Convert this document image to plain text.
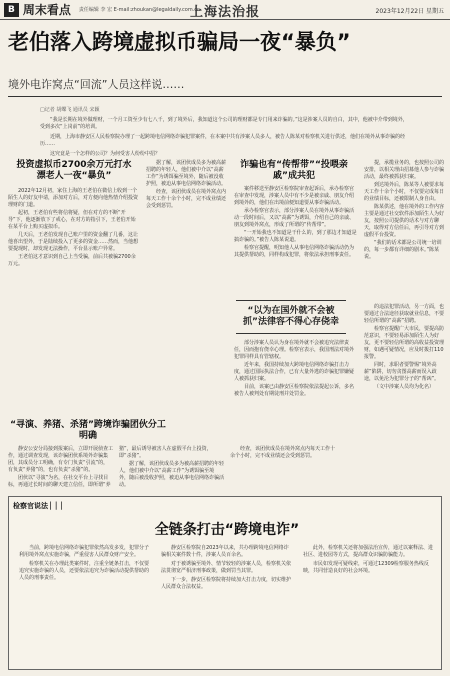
B 周末看点 责任编辑 李 宏 E-mail:zhoukan@legaldaily.com.cn
上海法治报	2023年12月22日 星期五
老伯落入跨境虚拟币骗局一夜“暴负”
境外电诈窝点“回流”人员这样说……
□记者 胡蝶飞 通讯员 宋颖

“我是长期在境外做理财，一个月工资至少有七八千，到了境外后，我知道这个公司的理财都是专门用来诈骗的。”这是涉案人员的自白，其中，他被中介带到境外，受到多次“上岗前”的培训。

近期，上海市静安区人民检察院办理了一起跨境电信网络诈骗犯罪案件，在本案中共有涉案人员多人，被告人陈某对检察机关进行供述，他们在境外从事诈骗的经历……

这究竟是一个怎样的公司？为何受害人纷纷中招？

投资虚拟币2700余万元打水漂老人一夜“暴负”

2022年12月初，家住上海的王老伯在微信上收到一个陌生人的好友申请，添加对方后，对方便向他热情介绍投资理财的门道。

起初，王老伯有些将信将疑，但在对方的不断“开导”下，他逐渐放下了戒心，在对方的指引下，王老伯开始在某平台上购买虚拟币。

几天后，王老伯发现自己账户里的资金翻了几番，这让他喜出望外，于是陆续投入了更多的资金……然而，当他想要提现时，却发现无法操作，平台显示账户异常。

王老伯这才意识到自己上当受骗，前后共被骗2700余万元。

“寻演、养猪、杀猪”跨境诈骗团伙分工明确

静安公安分局接到报案后，立即开展侦查工作，通过调查发现，该诈骗团伙系境外诈骗集团，其成员分工明确，有专门负责“引流”的，有负责“养猪”的，也有负责“杀猪”的。

团伙以“寻演”为名，在社交平台上寻找目标，再通过长时间的聊天建立信任，即所谓“养猪”，最后诱导被害人在虚假平台上投资，即“杀猪”。

据了解，该团伙成员多为被高薪招聘的年轻人，他们被中介以“高薪工作”为诱饵骗至境外，随后被没收护照，被迫从事电信网络诈骗活动。

经查，该团伙成员在境外窝点内每天工作十余个小时，完不成业绩还会受到惩罚。

据了解，该团伙成员多为被高薪招聘的年轻人，他们被中介以“高薪工作”为诱饵骗至境外，随后被没收护照，被迫从事电信网络诈骗活动。

经查，该团伙成员在境外窝点内每天工作十余个小时，完不成业绩还会受到惩罚。

诈骗也有“传帮带”“投喂亲戚”成共犯

案件移送至静安区检察院审查起诉后，承办检察官在审查中发现，涉案人员中有不少是被亲戚、朋友介绍到境外的，他们在出境前便知道要从事诈骗活动。

承办检察官表示，部分涉案人员在境外从事诈骗活动一段时间后，又以“高薪”为诱饵，介绍自己的亲戚、朋友到境外窝点，形成了所谓的“传帮带”。

“一开始我也不知道是干什么的，到了那边才知道是搞诈骗的。”被告人陈某说道。

检察官提醒，明知他人从事电信网络诈骗活动仍为其提供帮助的，同样构成犯罪，将依法承担刑事责任。

“以为在国外就不会被抓”法律容不得心存侥幸

部分涉案人员认为身在境外就不会被追究法律责任，因而抱有侥幸心理。检察官表示，我国刑法对境外犯罪同样具有管辖权。

近年来，我国持续加大跨境电信网络诈骗打击力度，通过国际执法合作，已有大量外逃的诈骗犯罪嫌疑人被抓获归案。

目前，该案已由静安区检察院依法提起公诉，多名被告人被判处有期徒刑并处罚金。

提，承揽业务的，也按照公司的安排，以相关理由招募他人参与诈骗活动，最终被抓获归案。

到达境外后，陈某等人被要求每天工作十余个小时，不仅要完成每日的业绩目标，还被限制人身自由。

陈某供述，他在境外的工作内容主要是通过社交软件添加陌生人为好友，按照公司提供的话术与对方聊天，取得对方信任后，再引导对方到虚假平台投资。

“我们的话术都是公司统一培训的，每一步都有详细的剧本。”陈某说。

的违法犯罪活动，另一方面，也要通过合法途径获取就业信息，不要轻信所谓的“高薪”招聘。

检察官提醒广大市民，要提高防范意识，不要轻易添加陌生人为好友，更不要轻信所谓的高收益投资理财，如遇可疑情况，应及时拨打110报警。

同时，求职者要警惕“境外高薪”陷阱，切勿贪图高薪而误入歧途，以免沦为犯罪分子的“帮凶”。

（文中涉案人员均为化名）

检察官说法 ▏▏▏
全链条打击“跨境电诈”

当前，跨境电信网络诈骗犯罪依然高发多发，犯罪分子利用境外窝点实施诈骗，严重侵害人民群众财产安全。

检察机关在办理此类案件时，注重全链条打击，不仅要追究实施诈骗的人员，还要依法追究为诈骗活动提供帮助的人员的刑事责任。

静安区检察院自2023年以来，共办理跨境电信网络诈骗相关案件数十件，涉案人员百余名。

对于被诱骗至境外、情节较轻的涉案人员，检察机关依法贯彻宽严相济刑事政策，做到罚当其罪。

下一步，静安区检察院将持续加大打击力度，切实维护人民群众合法权益。

此外，检察机关还将加强法治宣传，通过以案释法、进社区、进校园等方式，提高群众识骗防骗能力。

市民如发现可疑线索，可通过12309检察服务热线反映，共同营造良好的社会环境。
